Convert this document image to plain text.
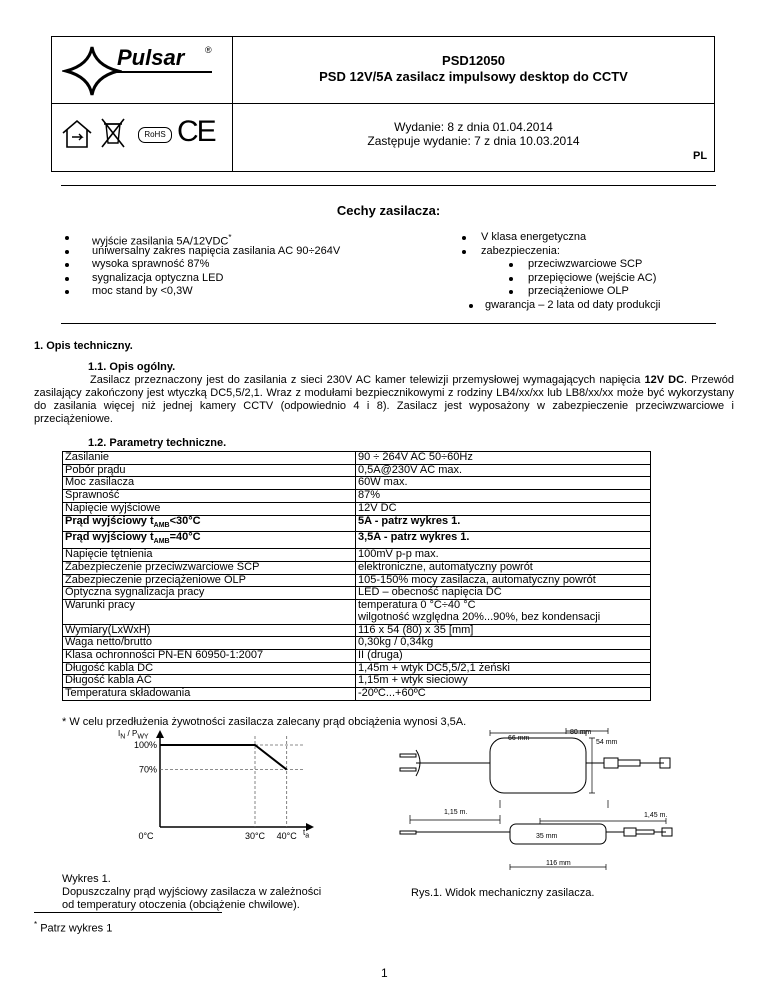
Pulsar ®
PSD12050
PSD 12V/5A zasilacz impulsowy desktop do CCTV
RoHS CE	Wydanie: 8 z dnia 01.04.2014
Zastępuje wydanie: 7 z dnia 10.03.2014
PL
Cechy zasilacza:
wyjście zasilania 5A/12VDC*
uniwersalny zakres napięcia zasilania AC 90÷264V
wysoka sprawność 87%
sygnalizacja optyczna LED
moc stand by <0,3W
V klasa energetyczna
zabezpieczenia:
przeciwzwarciowe SCP
przepięciowe (wejście AC)
przeciążeniowe OLP
gwarancja – 2 lata od daty produkcji
1. Opis techniczny.
1.1. Opis ogólny.
Zasilacz przeznaczony jest do zasilania z sieci 230V AC kamer telewizji przemysłowej wymagających napięcia 12V DC. Przewód zasilający zakończony jest wtyczką DC5,5/2,1. Wraz z modułami bezpiecznikowymi z rodziny LB4/xx/xx lub LB8/xx/xx może być wykorzystany do zasilania więcej niż jednej kamery CCTV (odpowiednio 4 i 8). Zasilacz jest wyposażony w zabezpieczenie przeciwzwarciowe i przeciążeniowe.
1.2. Parametry techniczne.
Zasilanie	90 ÷ 264V AC 50÷60Hz

Pobór prądu	0,5A@230V AC max.

Moc zasilacza	60W max.

Sprawność	87%

Napięcie wyjściowe	12V DC

Prąd wyjściowy $t_{AMB}<30^\circ C$	5A - patrz wykres 1.

Prąd wyjściowy $t_{AMB}=40^\circ C$	3,5A - patrz wykres 1.

Napięcie tętnienia	100mV p-p max.

Zabezpieczenie przeciwzwarciowe SCP	elektroniczne, automatyczny powrót

Zabezpieczenie przeciążeniowe OLP	105-150% mocy zasilacza, automatyczny powrót

Optyczna sygnalizacja pracy	LED – obecność napięcia DC

Warunki pracy	temperatura 0 °C÷40 °C
wilgotność względna 20%...90%, bez kondensacji

Wymiary(LxWxH)	116 x 54 (80) x 35 [mm]

Waga netto/brutto	0,30kg / 0,34kg

Klasa ochronności PN-EN 60950-1:2007	II (druga)

Długość kabla DC	1,45m + wtyk DC5,5/2,1 żeński

Długość kabla AC	1,15m + wtyk sieciowy

Temperatura składowania	-20ºC...+60ºC
* W celu przedłużenia żywotności zasilacza zalecany prąd obciążenia wynosi 3,5A.
100%
70%
0°C	30°C 40°C
$I_N / P_{WY}$
$t_a$
66 mm
80 mm
54 mm
1,15 m.	1,45 m.
35 mm
116 mm
Wykres 1.
Dopuszczalny prąd wyjściowy zasilacza w zależności
od temperatury otoczenia (obciążenie chwilowe).
Rys.1. Widok mechaniczny zasilacza.
* Patrz wykres 1
1
